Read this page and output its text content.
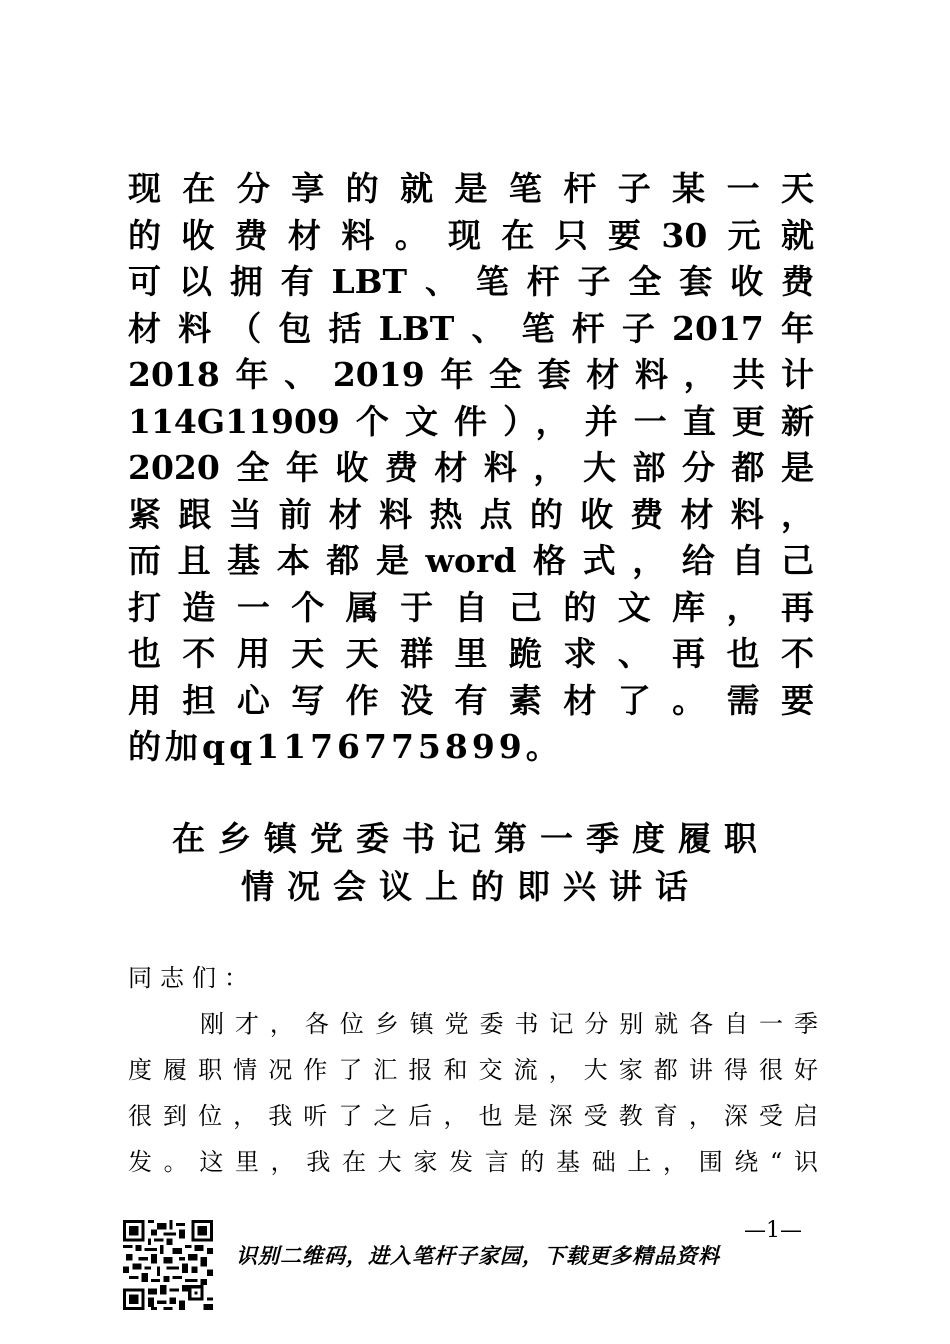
现在分享的就是笔杆子某一天
的收费材料。现在只要30元就
可以拥有LBT、笔杆子全套收费
材料（包括LBT、笔杆子2017年
2018年、2019年全套材料，共计
114G11909个文件），并一直更新
2020全年收费材料，大部分都是
紧跟当前材料热点的收费材料，
而且基本都是word格式，给自己
打造一个属于自己的文库，再
也不用天天群里跪求、再也不
用担心写作没有素材了。需要
的加qq1176775899。
在乡镇党委书记第一季度履职
情况会议上的即兴讲话
同志们：
刚才，各位乡镇党委书记分别就各自一季
度履职情况作了汇报和交流，大家都讲得很好
很到位，我听了之后，也是深受教育，深受启
发。这里，我在大家发言的基础上，围绕“识
—1—
识别二维码，进入笔杆子家园，下载更多精品资料
